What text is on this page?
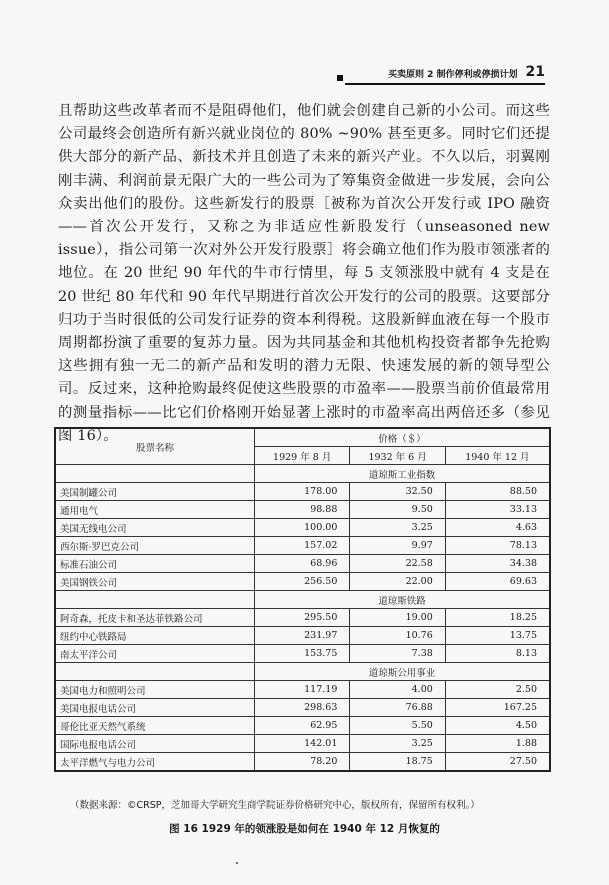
买卖原则 2 制作停利或停损计划 21

且帮助这些改革者而不是阻碍他们，他们就会创建自己新的小公司。而这些公司最终会创造所有新兴就业岗位的 80% ~90% 甚至更多。同时它们还提供大部分的新产品、新技术并且创造了未来的新兴产业。不久以后，羽翼刚刚丰满、利润前景无限广大的一些公司为了筹集资金做进一步发展，会向公众卖出他们的股份。这些新发行的股票［被称为首次公开发行或 IPO 融资——首次公开发行，又称之为非适应性新股发行（unseasoned new issue），指公司第一次对外公开发行股票］将会确立他们作为股市领涨者的地位。在 20 世纪 90 年代的牛市行情里，每 5 支领涨股中就有 4 支是在 20 世纪 80 年代和 90 年代早期进行首次公开发行的公司的股票。这要部分归功于当时很低的公司发行证券的资本利得税。这股新鲜血液在每一个股市周期都扮演了重要的复苏力量。因为共同基金和其他机构投资者都争先抢购这些拥有独一无二的新产品和发明的潜力无限、快速发展的新的领导型公司。反过来，这种抢购最终促使这些股票的市盈率——股票当前价值最常用的测量指标——比它们价格刚开始显著上涨时的市盈率高出两倍还多（参见图 16）。

股票名称	价格（＄）		
	1929 年 8 月	1932 年 6 月	1940 年 12 月
	道琼斯工业指数		
美国制罐公司	178.00	32.50	88.50
通用电气	98.88	9.50	33.13
美国无线电公司	100.00	3.25	4.63
西尔斯·罗巴克公司	157.02	9.97	78.13
标准石油公司	68.96	22.58	34.38
美国钢铁公司	256.50	22.00	69.63
	道琼斯铁路		
阿奇森，托皮卡和圣达菲铁路公司	295.50	19.00	18.25
纽约中心铁路局	231.97	10.76	13.75
南太平洋公司	153.75	7.38	8.13
	道琼斯公用事业		
美国电力和照明公司	117.19	4.00	2.50
美国电报电话公司	298.63	76.88	167.25
哥伦比亚天然气系统	62.95	5.50	4.50
国际电报电话公司	142.01	3.25	1.88
太平洋燃气与电力公司	78.20	18.75	27.50
（数据来源：©CRSP，芝加哥大学研究生商学院证券价格研究中心，版权所有，保留所有权利。）
图 16 1929 年的领涨股是如何在 1940 年 12 月恢复的
